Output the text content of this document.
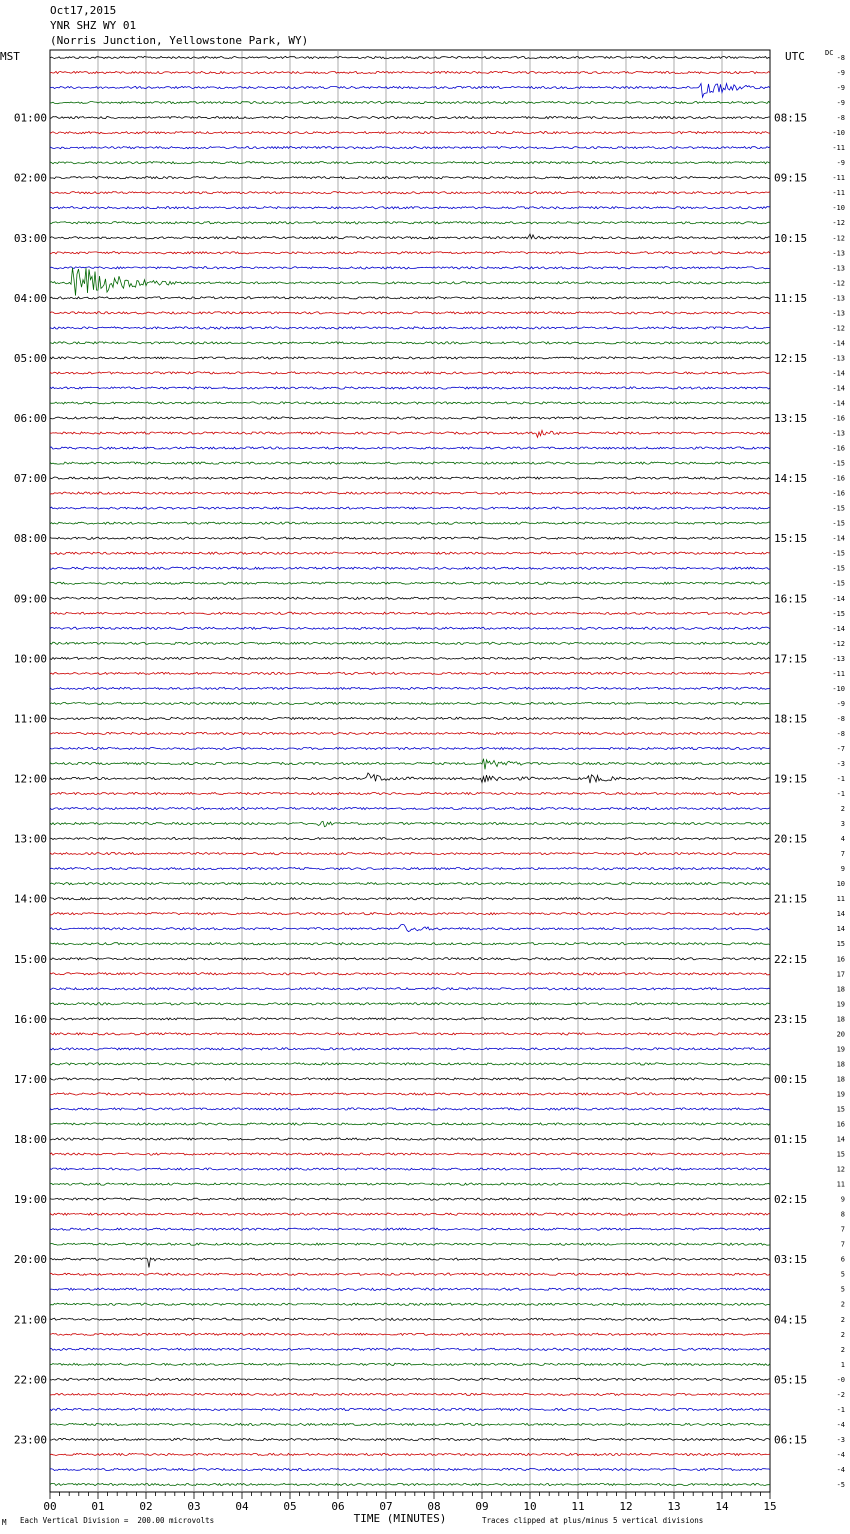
Oct17,2015
YNR SHZ WY 01
(Norris Junction, Yellowstone Park, WY)
MST	UTC	DC
01:00
02:00
03:00
04:00
05:00
06:00
07:00
08:00
09:00
10:00
11:00
12:00
13:00
14:00
15:00
16:00
17:00
18:00
19:00
20:00
21:00
22:00
23:00
08:15
09:15
10:15
11:15
12:15
13:15
14:15
15:15
16:15
17:15
18:15
19:15
20:15
21:15
22:15
23:15
00:15
01:15
02:15
03:15
04:15
05:15
06:15
-8
-9
-9
-9
-8
-10
-11
-9
-11
-11
-10
-12
-12
-13
-13
-12
-13
-13
-12
-14
-13
-14
-14
-14
-16
-13
-16
-15
-16
-16
-15
-15
-14
-15
-15
-15
-14
-15
-14
-12
-13
-11
-10
-9
-8
-8
-7
-3
-1
-1
2
3
4
7
9
10
11
14
14
15
16
17
18
19
18
20
19
18
18
19
15
16
14
15
12
11
9
8
7
7
6
5
5
2
2
2
2
1
-0
-2
-1
-4
-3
-4
-4
-5
00	01	02	03	04	05	06	07	08	09	10	11	12	13	14	15
TIME (MINUTES)
M Each Vertical Division =  200.00 microvolts	Traces clipped at plus/minus 5 vertical divisions
